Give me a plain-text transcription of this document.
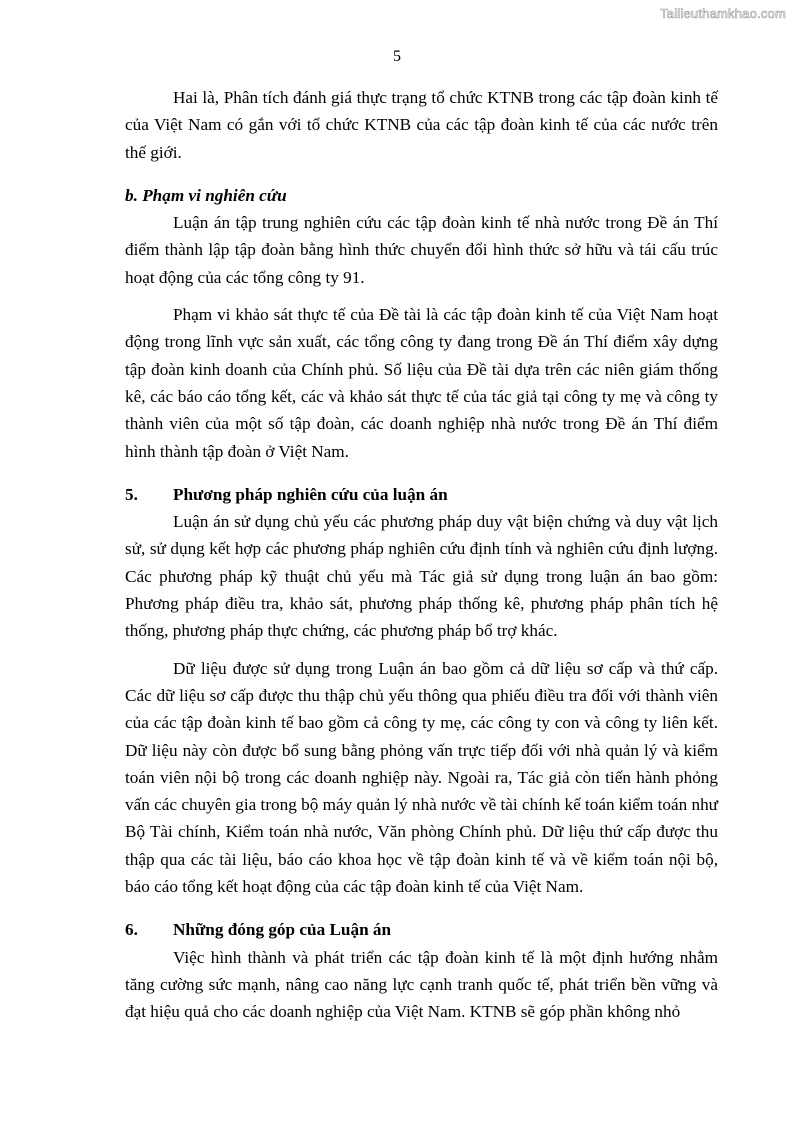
Tailieuthamkhao.com
5

Hai là, Phân tích đánh giá thực trạng tổ chức KTNB trong các tập đoàn kinh tế của Việt Nam có gắn với tổ chức KTNB của các tập đoàn kinh tế của các nước trên thế giới.

b. Phạm vi nghiên cứu

Luận án tập trung nghiên cứu các tập đoàn kinh tế nhà nước trong Đề án Thí điểm thành lập tập đoàn bằng hình thức chuyển đổi hình thức sở hữu và tái cấu trúc hoạt động của các tổng công ty 91.

Phạm vi khảo sát thực tế của Đề tài là các tập đoàn kinh tế của Việt Nam hoạt động trong lĩnh vực sản xuất, các tổng công ty đang trong Đề án Thí điểm xây dựng tập đoàn kinh doanh của Chính phủ. Số liệu của Đề tài dựa trên các niên giám thống kê, các báo cáo tổng kết, các và khảo sát thực tế của tác giả tại công ty mẹ và công ty thành viên của một số tập đoàn, các doanh nghiệp nhà nước trong Đề án Thí điểm hình thành tập đoàn ở Việt Nam.

5.	Phương pháp nghiên cứu của luận án

Luận án sử dụng chủ yếu các phương pháp duy vật biện chứng và duy vật lịch sử, sử dụng kết hợp các phương pháp nghiên cứu định tính và nghiên cứu định lượng. Các phương pháp kỹ thuật chủ yếu mà Tác giả sử dụng trong luận án bao gồm: Phương pháp điều tra, khảo sát, phương pháp thống kê, phương pháp phân tích hệ thống, phương pháp thực chứng, các phương pháp bổ trợ khác.

Dữ liệu được sử dụng trong Luận án bao gồm cả dữ liệu sơ cấp và thứ cấp. Các dữ liệu sơ cấp được thu thập chủ yếu thông qua phiếu điều tra đối với thành viên của các tập đoàn kinh tế bao gồm cả công ty mẹ, các công ty con và công ty liên kết. Dữ liệu này còn được bổ sung bằng phỏng vấn trực tiếp đối với nhà quản lý và kiểm toán viên nội bộ trong các doanh nghiệp này. Ngoài ra, Tác giả còn tiến hành phỏng vấn các chuyên gia trong bộ máy quản lý nhà nước về tài chính kế toán kiểm toán như Bộ Tài chính, Kiểm toán nhà nước, Văn phòng Chính phủ. Dữ liệu thứ cấp được thu thập qua các tài liệu, báo cáo khoa học về tập đoàn kinh tế và về kiểm toán nội bộ, báo cáo tổng kết hoạt động của các tập đoàn kinh tế của Việt Nam.

6.	Những đóng góp của Luận án

Việc hình thành và phát triển các tập đoàn kinh tế là một định hướng nhằm tăng cường sức mạnh, nâng cao năng lực cạnh tranh quốc tế, phát triển bền vững và đạt hiệu quả cho các doanh nghiệp của Việt Nam. KTNB sẽ góp phần không nhỏ
